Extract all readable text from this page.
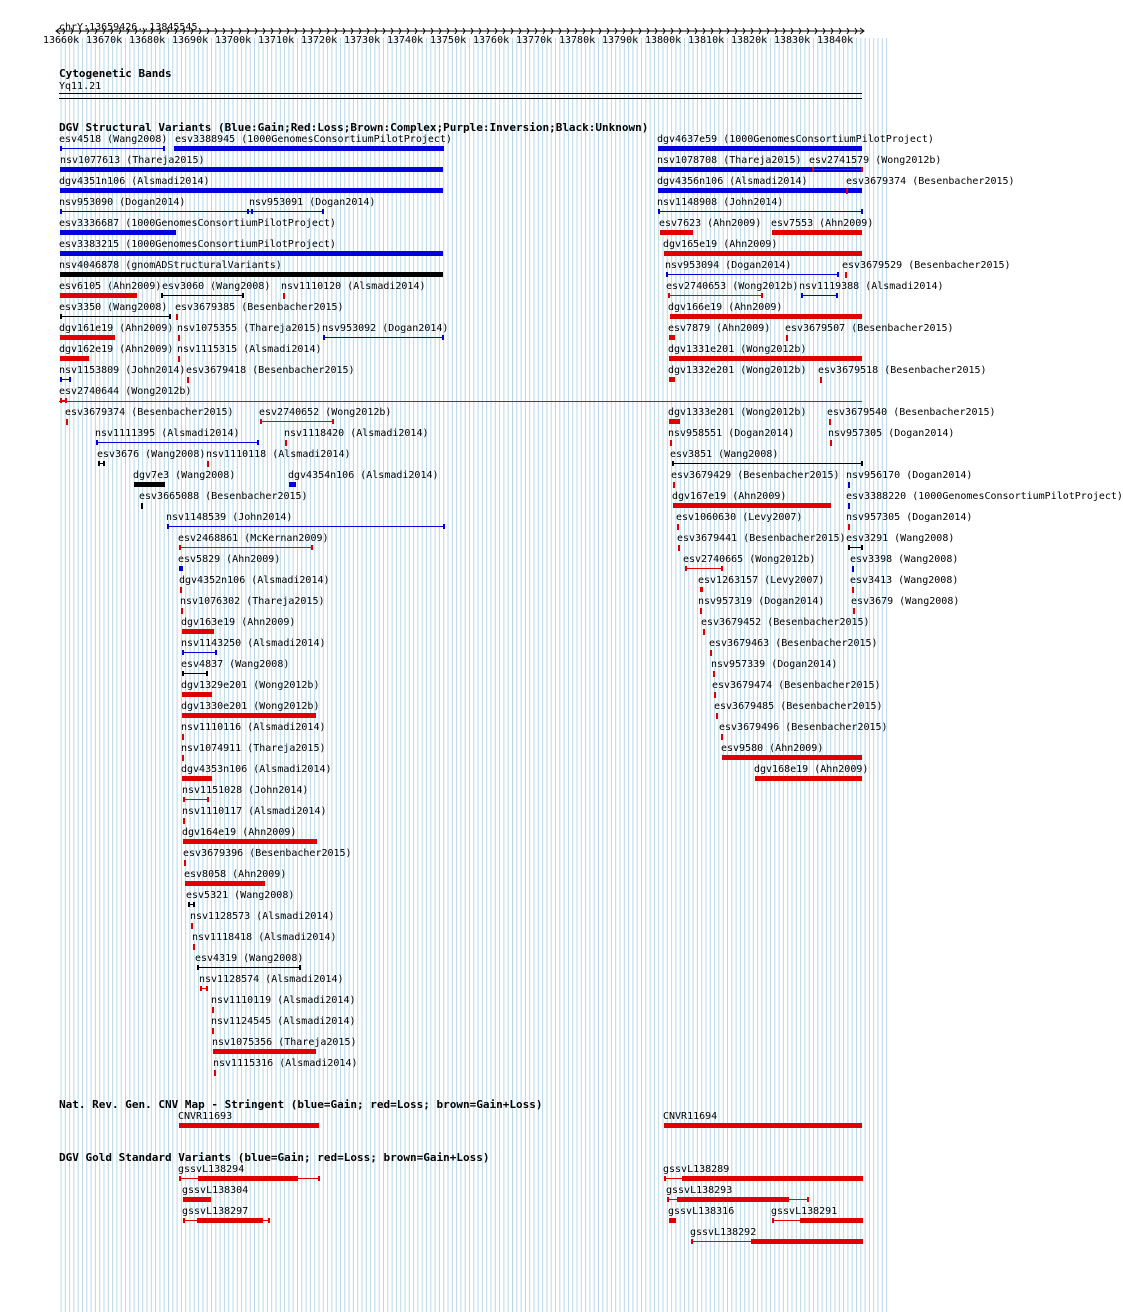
chrY:13659426..13845545
13660k 13670k 13680k 13690k 13700k 13710k 13720k 13730k 13740k 13750k 13760k 13770k 13780k 13790k 13800k 13810k 13820k 13830k 13840k
Cytogenetic Bands
Yq11.21
DGV Structural Variants (Blue:Gain;Red:Loss;Brown:Complex;Purple:Inversion;Black:Unknown)
Nat. Rev. Gen. CNV Map - Stringent (blue=Gain; red=Loss; brown=Gain+Loss)
DGV Gold Standard Variants (blue=Gain; red=Loss; brown=Gain+Loss)
esv4518 (Wang2008) esv3388945 (1000GenomesConsortiumPilotProject)	dgv4637e59 (1000GenomesConsortiumPilotProject)
nsv1077613 (Thareja2015)	nsv1078708 (Thareja2015) esv2741579 (Wong2012b)
dgv4351n106 (Alsmadi2014)	dgv4356n106 (Alsmadi2014)	esv3679374 (Besenbacher2015)
nsv953090 (Dogan2014)	nsv953091 (Dogan2014)	nsv1148908 (John2014)
esv3336687 (1000GenomesConsortiumPilotProject)	esv7623 (Ahn2009) esv7553 (Ahn2009)
esv3383215 (1000GenomesConsortiumPilotProject)	dgv165e19 (Ahn2009)
nsv4046878 (gnomADStructuralVariants)	nsv953094 (Dogan2014)	esv3679529 (Besenbacher2015)
esv6105 (Ahn2009) esv3060 (Wang2008) nsv1110120 (Alsmadi2014)	esv2740653 (Wong2012b) nsv1119388 (Alsmadi2014)
esv3350 (Wang2008) esv3679385 (Besenbacher2015)	dgv166e19 (Ahn2009)
dgv161e19 (Ahn2009) nsv1075355 (Thareja2015) nsv953092 (Dogan2014)	esv7879 (Ahn2009) esv3679507 (Besenbacher2015)
dgv162e19 (Ahn2009) nsv1115315 (Alsmadi2014)	dgv1331e201 (Wong2012b)
nsv1153809 (John2014) esv3679418 (Besenbacher2015)	dgv1332e201 (Wong2012b) esv3679518 (Besenbacher2015)
esv2740644 (Wong2012b)
esv3679374 (Besenbacher2015)	esv2740652 (Wong2012b)	dgv1333e201 (Wong2012b) esv3679540 (Besenbacher2015)
nsv1111395 (Alsmadi2014)	nsv1118420 (Alsmadi2014)	nsv958551 (Dogan2014)	nsv957305 (Dogan2014)
esv3676 (Wang2008) nsv1110118 (Alsmadi2014)	esv3851 (Wang2008)
dgv7e3 (Wang2008)	dgv4354n106 (Alsmadi2014)	esv3679429 (Besenbacher2015) nsv956170 (Dogan2014)
esv3665088 (Besenbacher2015)	dgv167e19 (Ahn2009)	esv3388220 (1000GenomesConsortiumPilotProject)
nsv1148539 (John2014)	esv1060630 (Levy2007)	nsv957305 (Dogan2014)
esv2468861 (McKernan2009)	esv3679441 (Besenbacher2015) esv3291 (Wang2008)
esv5829 (Ahn2009)	esv2740665 (Wong2012b)	esv3398 (Wang2008)
dgv4352n106 (Alsmadi2014)	esv1263157 (Levy2007)	esv3413 (Wang2008)
nsv1076302 (Thareja2015)	nsv957319 (Dogan2014)	esv3679 (Wang2008)
dgv163e19 (Ahn2009)	esv3679452 (Besenbacher2015)
nsv1143250 (Alsmadi2014)	esv3679463 (Besenbacher2015)
esv4837 (Wang2008)	nsv957339 (Dogan2014)
dgv1329e201 (Wong2012b)	esv3679474 (Besenbacher2015)
dgv1330e201 (Wong2012b)	esv3679485 (Besenbacher2015)
nsv1110116 (Alsmadi2014)	esv3679496 (Besenbacher2015)
nsv1074911 (Thareja2015)	esv9580 (Ahn2009)
dgv4353n106 (Alsmadi2014)	dgv168e19 (Ahn2009)
nsv1151028 (John2014)
nsv1110117 (Alsmadi2014)
dgv164e19 (Ahn2009)
esv3679396 (Besenbacher2015)
esv8058 (Ahn2009)
esv5321 (Wang2008)
nsv1128573 (Alsmadi2014)
nsv1118418 (Alsmadi2014)
esv4319 (Wang2008)
nsv1128574 (Alsmadi2014)
nsv1110119 (Alsmadi2014)
nsv1124545 (Alsmadi2014)
nsv1075356 (Thareja2015)
nsv1115316 (Alsmadi2014)
CNVR11693	CNVR11694
gssvL138294	gssvL138289
gssvL138304	gssvL138293
gssvL138297	gssvL138316	gssvL138291
gssvL138292
